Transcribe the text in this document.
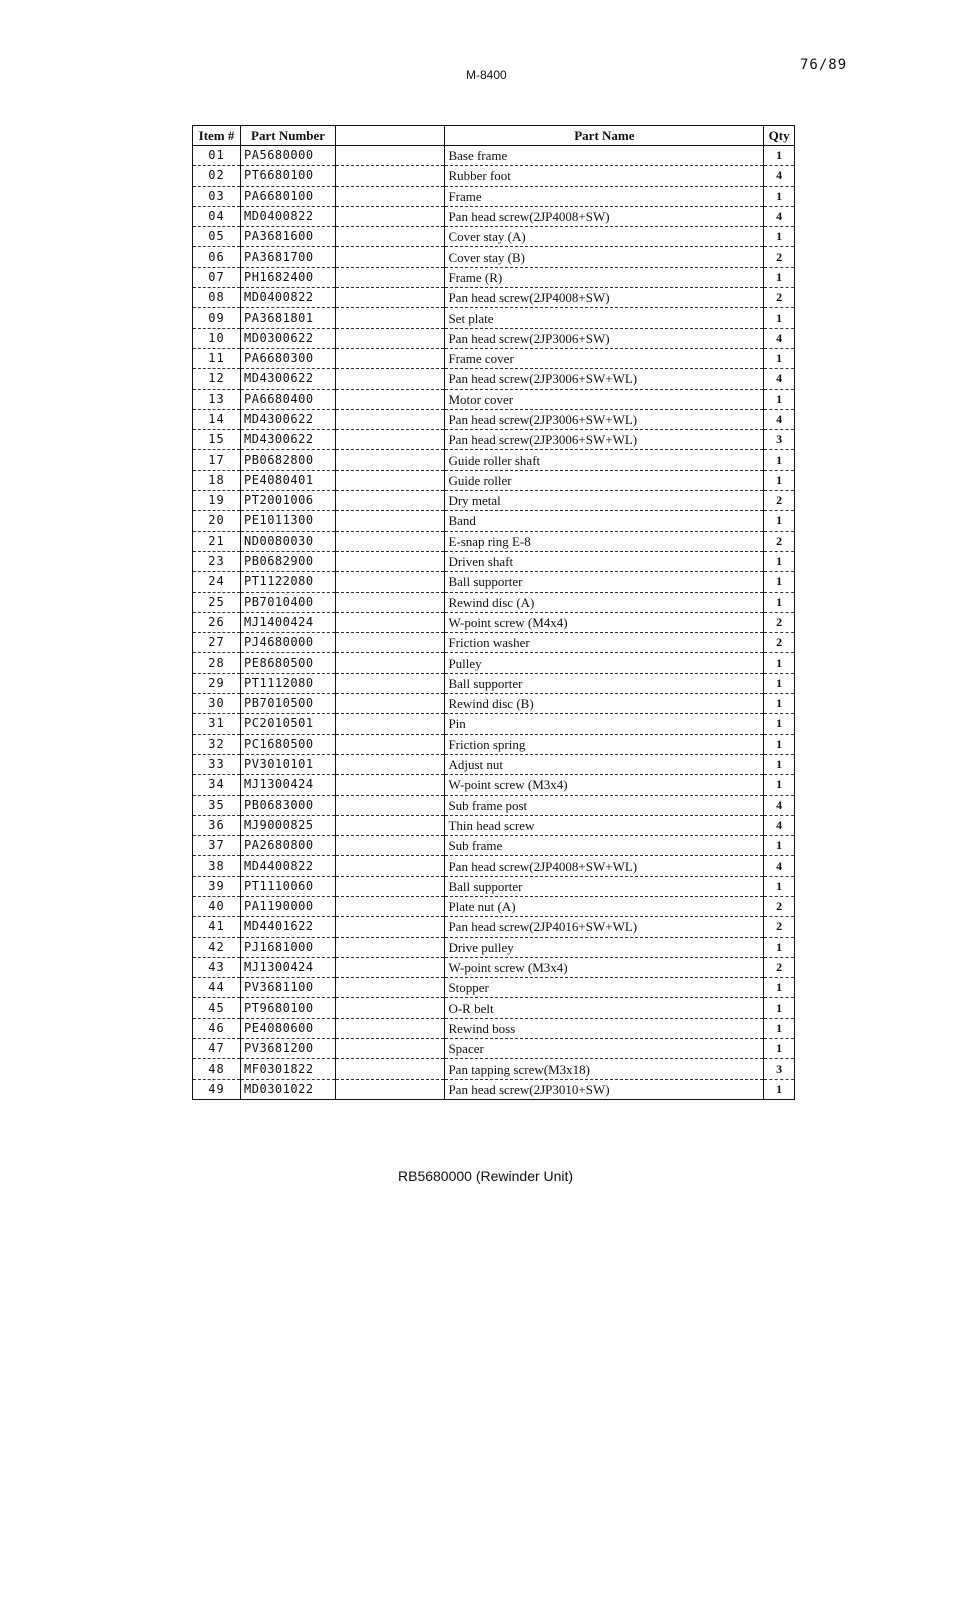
76/89
M-8400
Item #	Part Number		Part Name	Qty
01	PA5680000		Base frame	1
02	PT6680100		Rubber foot	4
03	PA6680100		Frame	1
04	MD0400822		Pan head screw(2JP4008+SW)	4
05	PA3681600		Cover stay (A)	1
06	PA3681700		Cover stay (B)	2
07	PH1682400		Frame (R)	1
08	MD0400822		Pan head screw(2JP4008+SW)	2
09	PA3681801		Set plate	1
10	MD0300622		Pan head screw(2JP3006+SW)	4
11	PA6680300		Frame cover	1
12	MD4300622		Pan head screw(2JP3006+SW+WL)	4
13	PA6680400		Motor cover	1
14	MD4300622		Pan head screw(2JP3006+SW+WL)	4
15	MD4300622		Pan head screw(2JP3006+SW+WL)	3
17	PB0682800		Guide roller shaft	1
18	PE4080401		Guide roller	1
19	PT2001006		Dry metal	2
20	PE1011300		Band	1
21	ND0080030		E-snap ring E-8	2
23	PB0682900		Driven shaft	1
24	PT1122080		Ball supporter	1
25	PB7010400		Rewind disc (A)	1
26	MJ1400424		W-point screw (M4x4)	2
27	PJ4680000		Friction washer	2
28	PE8680500		Pulley	1
29	PT1112080		Ball supporter	1
30	PB7010500		Rewind disc (B)	1
31	PC2010501		Pin	1
32	PC1680500		Friction spring	1
33	PV3010101		Adjust nut	1
34	MJ1300424		W-point screw (M3x4)	1
35	PB0683000		Sub frame post	4
36	MJ9000825		Thin head screw	4
37	PA2680800		Sub frame	1
38	MD4400822		Pan head screw(2JP4008+SW+WL)	4
39	PT1110060		Ball supporter	1
40	PA1190000		Plate nut (A)	2
41	MD4401622		Pan head screw(2JP4016+SW+WL)	2
42	PJ1681000		Drive pulley	1
43	MJ1300424		W-point screw (M3x4)	2
44	PV3681100		Stopper	1
45	PT9680100		O-R belt	1
46	PE4080600		Rewind boss	1
47	PV3681200		Spacer	1
48	MF0301822		Pan tapping screw(M3x18)	3
49	MD0301022		Pan head screw(2JP3010+SW)	1
RB5680000 (Rewinder Unit)
